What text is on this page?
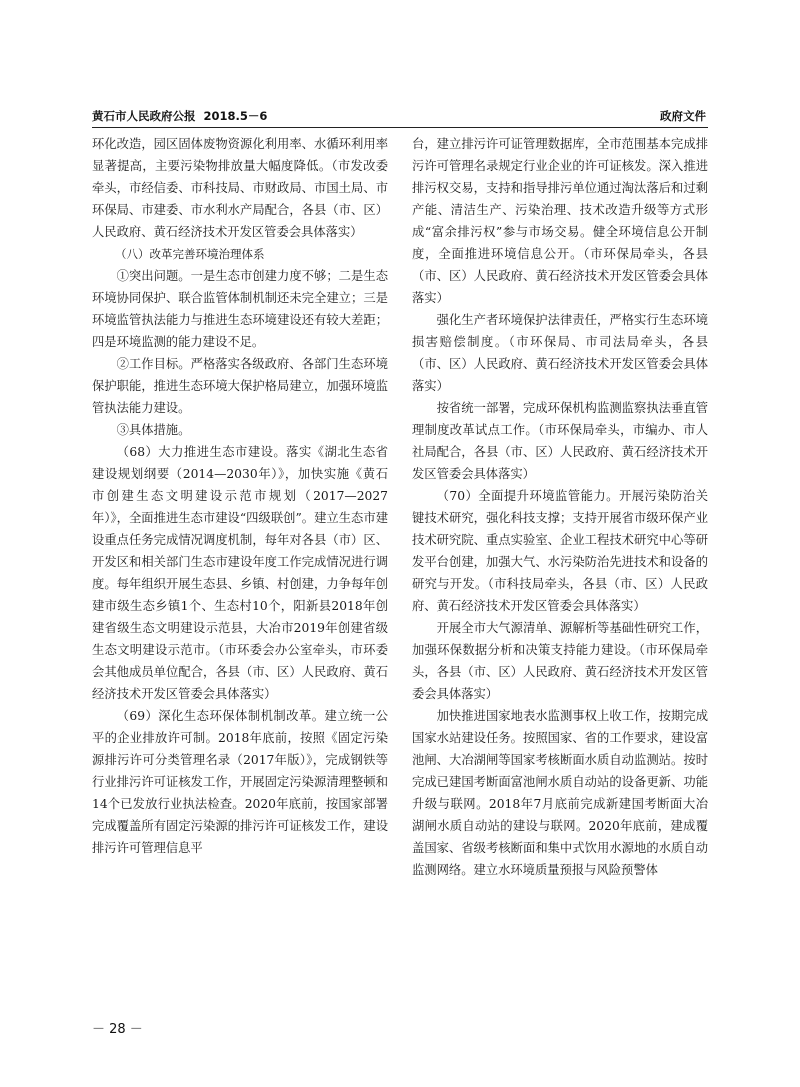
黄石市人民政府公报 2018.5－6	政府文件

环化改造，园区固体废物资源化利用率、水循环利用率显著提高，主要污染物排放量大幅度降低。（市发改委牵头，市经信委、市科技局、市财政局、市国土局、市环保局、市建委、市水利水产局配合，各县（市、区）人民政府、黄石经济技术开发区管委会具体落实）

（八）改革完善环境治理体系

①突出问题。一是生态市创建力度不够；二是生态环境协同保护、联合监管体制机制还未完全建立；三是环境监管执法能力与推进生态环境建设还有较大差距；四是环境监测的能力建设不足。

②工作目标。严格落实各级政府、各部门生态环境保护职能，推进生态环境大保护格局建立，加强环境监管执法能力建设。

③具体措施。

（68）大力推进生态市建设。落实《湖北生态省建设规划纲要（2014—2030年）》，加快实施《黄石市创建生态文明建设示范市规划（2017—2027年）》，全面推进生态市建设“四级联创”。建立生态市建设重点任务完成情况调度机制，每年对各县（市）区、开发区和相关部门生态市建设年度工作完成情况进行调度。每年组织开展生态县、乡镇、村创建，力争每年创建市级生态乡镇1个、生态村10个，阳新县2018年创建省级生态文明建设示范县，大冶市2019年创建省级生态文明建设示范市。（市环委会办公室牵头，市环委会其他成员单位配合，各县（市、区）人民政府、黄石经济技术开发区管委会具体落实）

（69）深化生态环保体制机制改革。建立统一公平的企业排放许可制。2018年底前，按照《固定污染源排污许可分类管理名录（2017年版）》，完成钢铁等行业排污许可证核发工作，开展固定污染源清理整顿和14个已发放行业执法检查。2020年底前，按国家部署完成覆盖所有固定污染源的排污许可证核发工作，建设排污许可管理信息平

台，建立排污许可证管理数据库，全市范围基本完成排污许可管理名录规定行业企业的许可证核发。深入推进排污权交易，支持和指导排污单位通过淘汰落后和过剩产能、清洁生产、污染治理、技术改造升级等方式形成“富余排污权”参与市场交易。健全环境信息公开制度，全面推进环境信息公开。（市环保局牵头，各县（市、区）人民政府、黄石经济技术开发区管委会具体落实）

强化生产者环境保护法律责任，严格实行生态环境损害赔偿制度。（市环保局、市司法局牵头，各县（市、区）人民政府、黄石经济技术开发区管委会具体落实）

按省统一部署，完成环保机构监测监察执法垂直管理制度改革试点工作。（市环保局牵头，市编办、市人社局配合，各县（市、区）人民政府、黄石经济技术开发区管委会具体落实）

（70）全面提升环境监管能力。开展污染防治关键技术研究，强化科技支撑；支持开展省市级环保产业技术研究院、重点实验室、企业工程技术研究中心等研发平台创建，加强大气、水污染防治先进技术和设备的研究与开发。（市科技局牵头，各县（市、区）人民政府、黄石经济技术开发区管委会具体落实）

开展全市大气源清单、源解析等基础性研究工作，加强环保数据分析和决策支持能力建设。（市环保局牵头，各县（市、区）人民政府、黄石经济技术开发区管委会具体落实）

加快推进国家地表水监测事权上收工作，按期完成国家水站建设任务。按照国家、省的工作要求，建设富池闸、大冶湖闸等国家考核断面水质自动监测站。按时完成已建国考断面富池闸水质自动站的设备更新、功能升级与联网。2018年7月底前完成新建国考断面大冶湖闸水质自动站的建设与联网。2020年底前，建成覆盖国家、省级考核断面和集中式饮用水源地的水质自动监测网络。建立水环境质量预报与风险预警体

－ 28 －
